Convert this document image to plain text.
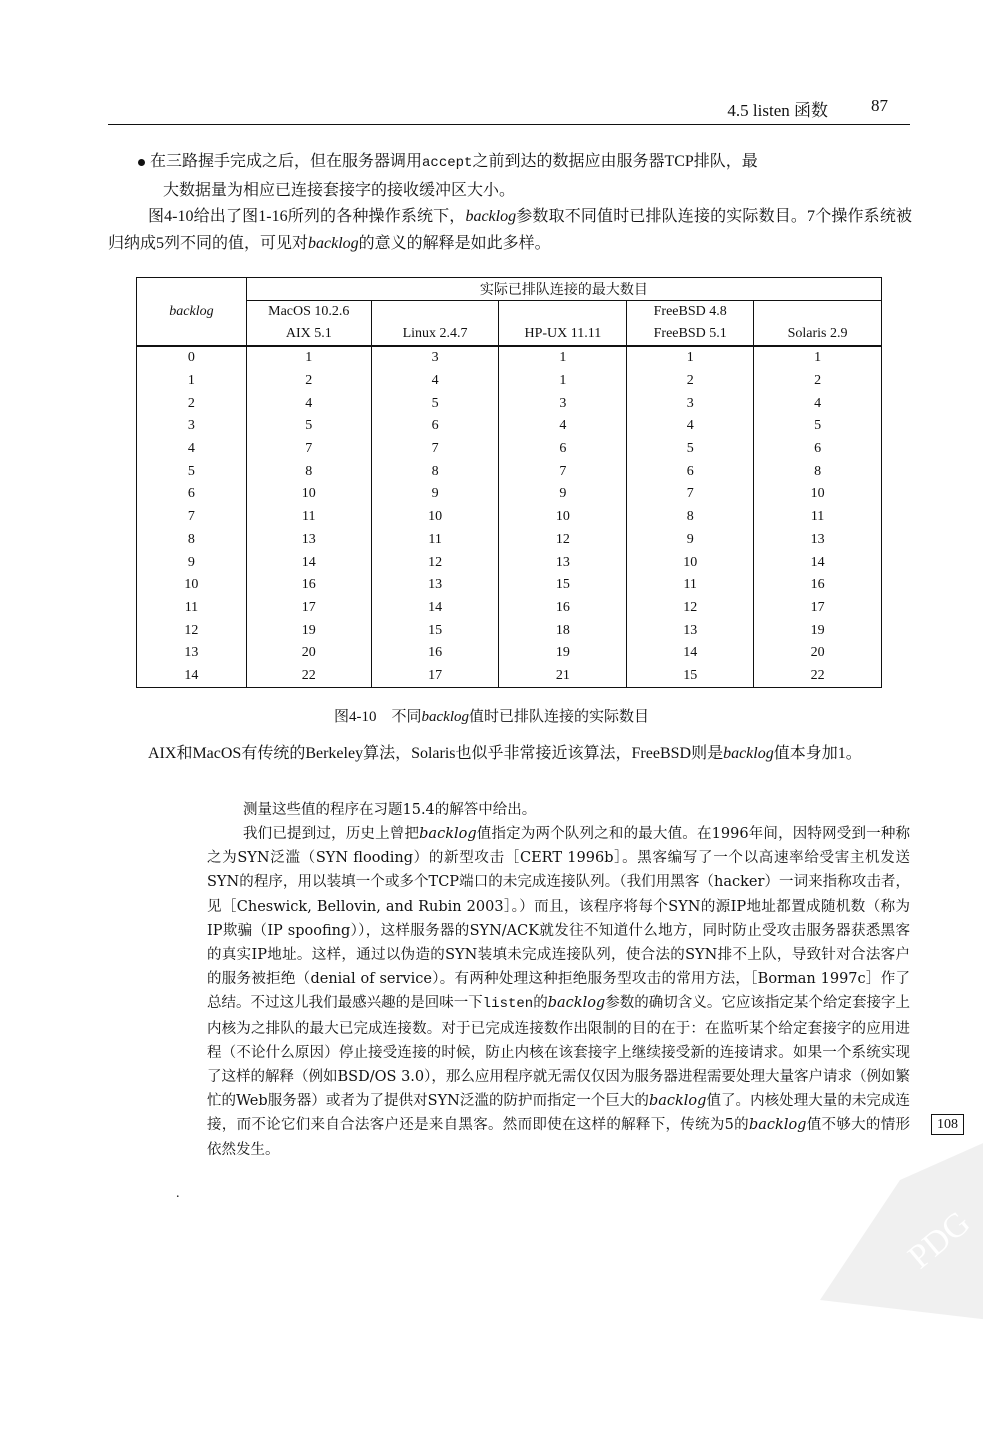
4.5 listen 函数	87
在三路握手完成之后，但在服务器调用accept之前到达的数据应由服务器TCP排队，最
大数据量为相应已连接套接字的接收缓冲区大小。
图4-10给出了图1-16所列的各种操作系统下，backlog参数取不同值时已排队连接的实际数目。7个操作系统被归纳成5列不同的值，可见对backlog的意义的解释是如此多样。
backlog	实际已排队连接的最大数目				
	MacOS 10.2.6			FreeBSD 4.8	
	AIX 5.1	Linux 2.4.7	HP-UX 11.11	FreeBSD 5.1	Solaris 2.9
0	1	3	1	1	1
1	2	4	1	2	2
2	4	5	3	3	4
3	5	6	4	4	5
4	7	7	6	5	6
5	8	8	7	6	8
6	10	9	9	7	10
7	11	10	10	8	11
8	13	11	12	9	13
9	14	12	13	10	14
10	16	13	15	11	16
11	17	14	16	12	17
12	19	15	18	13	19
13	20	16	19	14	20
14	22	17	21	15	22
图4-10　不同backlog值时已排队连接的实际数目
AIX和MacOS有传统的Berkeley算法，Solaris也似乎非常接近该算法，FreeBSD则是backlog值本身加1。
测量这些值的程序在习题15.4的解答中给出。
我们已提到过，历史上曾把backlog值指定为两个队列之和的最大值。在1996年间，因特网受到一种称之为SYN泛滥（SYN flooding）的新型攻击［CERT 1996b］。黑客编写了一个以高速率给受害主机发送SYN的程序，用以装填一个或多个TCP端口的未完成连接队列。（我们用黑客（hacker）一词来指称攻击者，见［Cheswick, Bellovin, and Rubin 2003］。）而且，该程序将每个SYN的源IP地址都置成随机数（称为IP欺骗（IP spoofing）），这样服务器的SYN/ACK就发往不知道什么地方，同时防止受攻击服务器获悉黑客的真实IP地址。这样，通过以伪造的SYN装填未完成连接队列，使合法的SYN排不上队，导致针对合法客户的服务被拒绝（denial of service）。有两种处理这种拒绝服务型攻击的常用方法，［Borman 1997c］作了总结。不过这儿我们最感兴趣的是回味一下listen的backlog参数的确切含义。它应该指定某个给定套接字上内核为之排队的最大已完成连接数。对于已完成连接数作出限制的目的在于：在监听某个给定套接字的应用进程（不论什么原因）停止接受连接的时候，防止内核在该套接字上继续接受新的连接请求。如果一个系统实现了这样的解释（例如BSD/OS 3.0），那么应用程序就无需仅仅因为服务器进程需要处理大量客户请求（例如繁忙的Web服务器）或者为了提供对SYN泛滥的防护而指定一个巨大的backlog值了。内核处理大量的未完成连接，而不论它们来自合法客户还是来自黑客。然而即使在这样的解释下，传统为5的backlog值不够大的情形依然发生。
108
.
PDG
